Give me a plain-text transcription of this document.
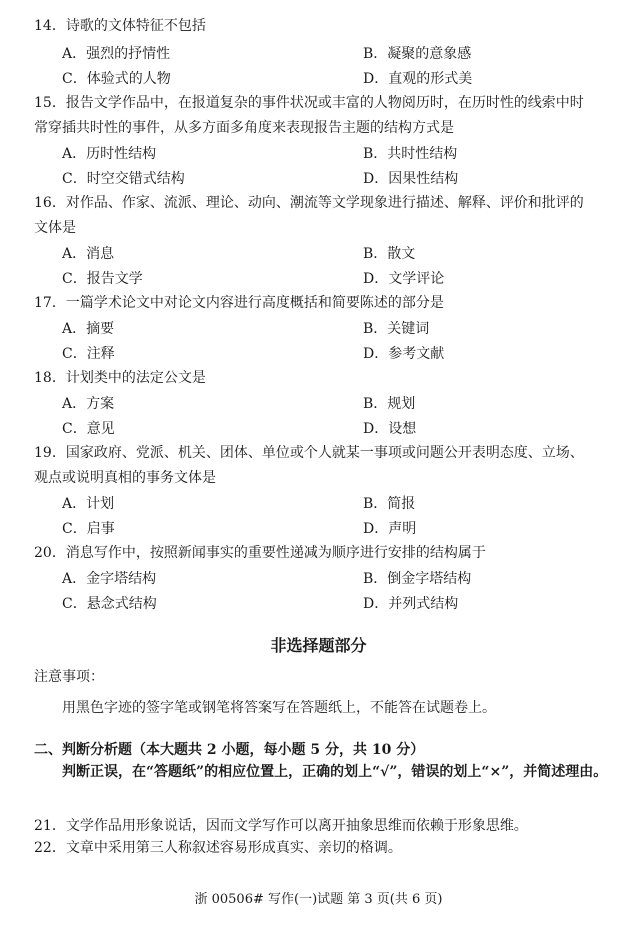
14．诗歌的文体特征不包括
A．强烈的抒情性	B．凝聚的意象感
C．体验式的人物	D．直观的形式美
15．报告文学作品中，在报道复杂的事件状况或丰富的人物阅历时，在历时性的线索中时常穿插共时性的事件，从多方面多角度来表现报告主题的结构方式是
A．历时性结构	B．共时性结构
C．时空交错式结构	D．因果性结构
16．对作品、作家、流派、理论、动向、潮流等文学现象进行描述、解释、评价和批评的文体是
A．消息	B．散文
C．报告文学	D．文学评论
17．一篇学术论文中对论文内容进行高度概括和简要陈述的部分是
A．摘要	B．关键词
C．注释	D．参考文献
18．计划类中的法定公文是
A．方案	B．规划
C．意见	D．设想
19．国家政府、党派、机关、团体、单位或个人就某一事项或问题公开表明态度、立场、观点或说明真相的事务文体是
A．计划	B．简报
C．启事	D．声明
20．消息写作中，按照新闻事实的重要性递减为顺序进行安排的结构属于
A．金字塔结构	B．倒金字塔结构
C．悬念式结构	D．并列式结构
非选择题部分
注意事项：
用黑色字迹的签字笔或钢笔将答案写在答题纸上，不能答在试题卷上。
二、判断分析题（本大题共 2 小题，每小题 5 分，共 10 分）
判断正误，在“答题纸”的相应位置上，正确的划上“√”，错误的划上“×”，并简述理由。
21．文学作品用形象说话，因而文学写作可以离开抽象思维而依赖于形象思维。
22．文章中采用第三人称叙述容易形成真实、亲切的格调。
浙 00506# 写作(一)试题 第 3 页(共 6 页)
